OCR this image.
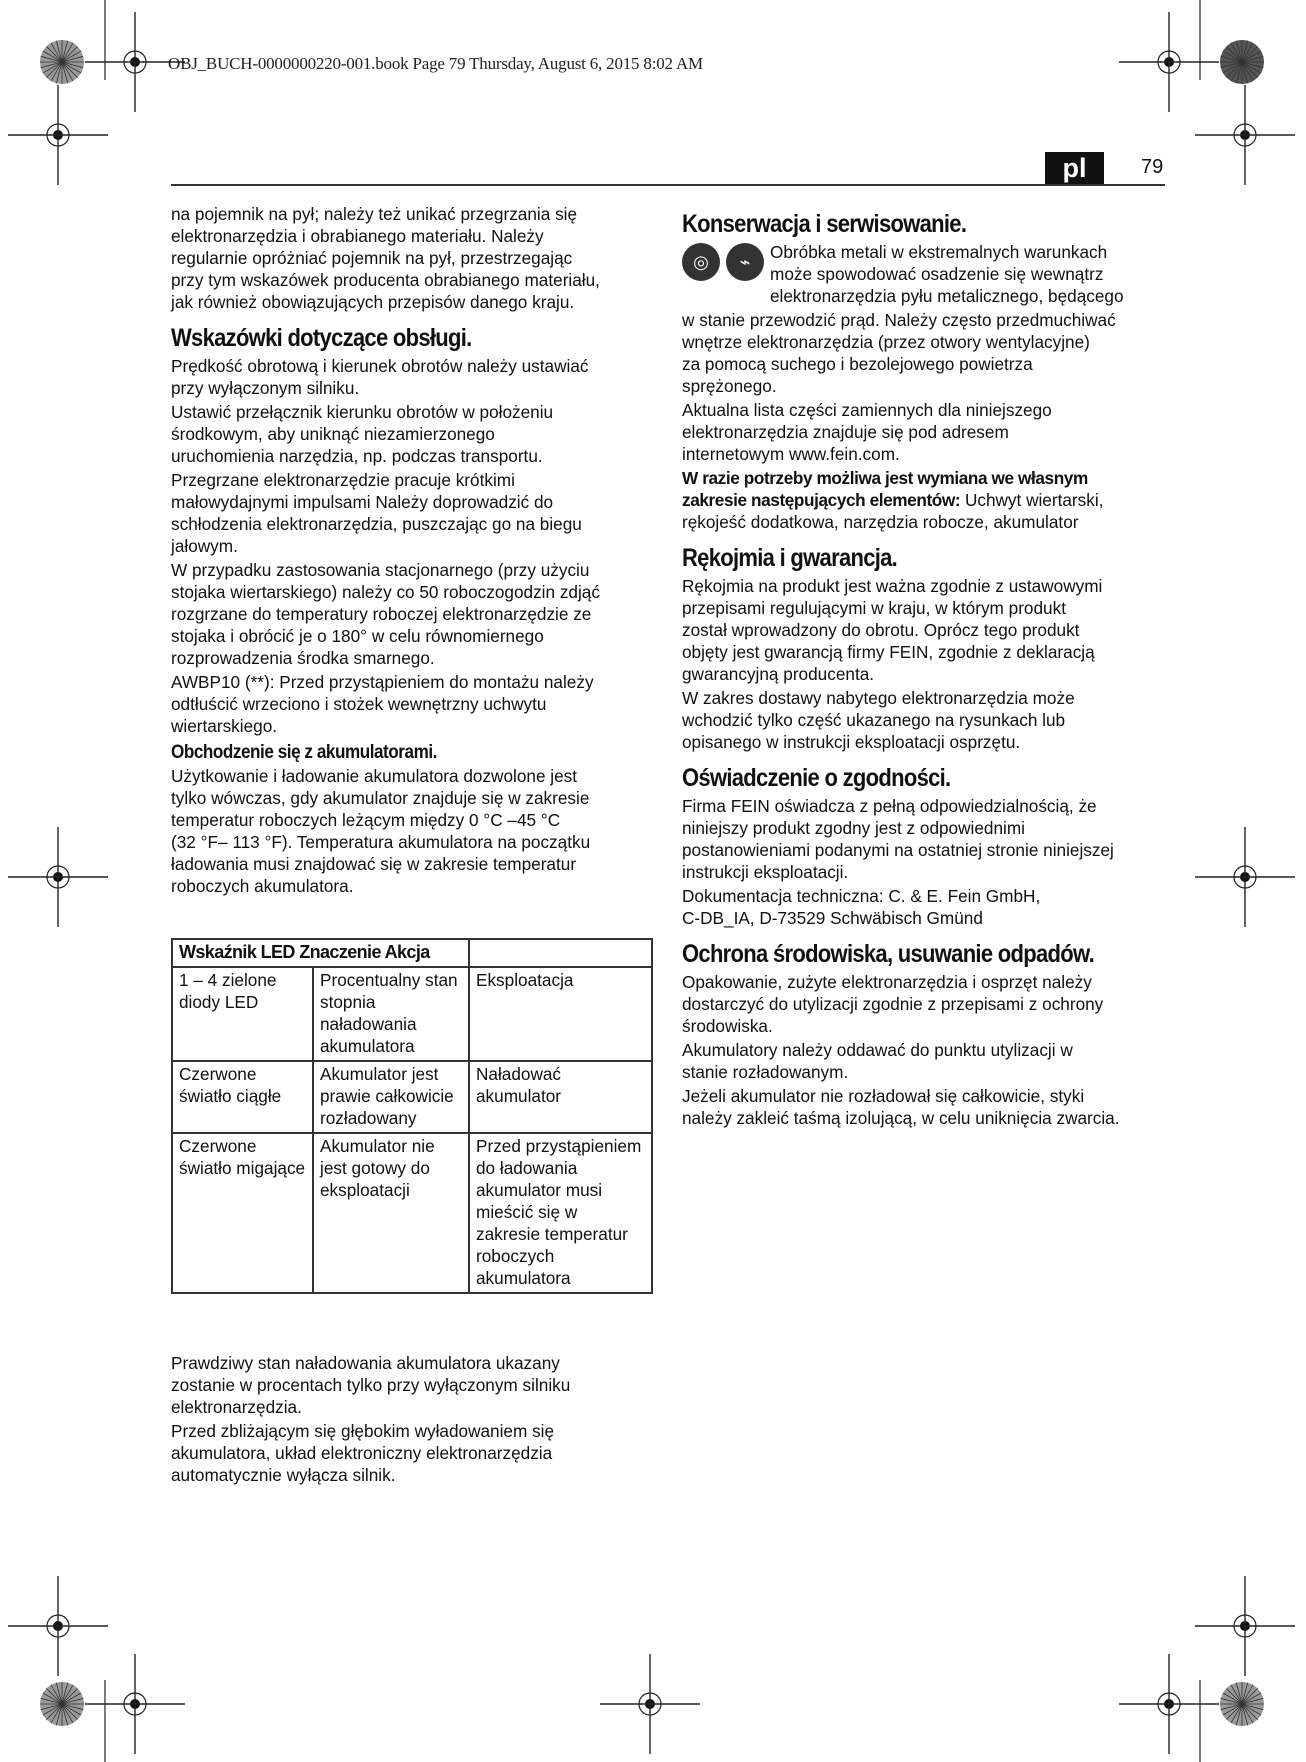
OBJ_BUCH-0000000220-001.book Page 79 Thursday, August 6, 2015 8:02 AM
pl	79

na pojemnik na pył; należy też unikać przegrzania się
elektronarzędzia i obrabianego materiału. Należy
regularnie opróżniać pojemnik na pył, przestrzegając
przy tym wskazówek producenta obrabianego materiału,
jak również obowiązujących przepisów danego kraju.

Wskazówki dotyczące obsługi.

Prędkość obrotową i kierunek obrotów należy ustawiać
przy wyłączonym silniku.

Ustawić przełącznik kierunku obrotów w położeniu
środkowym, aby uniknąć niezamierzonego
uruchomienia narzędzia, np. podczas transportu.

Przegrzane elektronarzędzie pracuje krótkimi
małowydajnymi impulsami Należy doprowadzić do
schłodzenia elektronarzędzia, puszczając go na biegu
jałowym.

W przypadku zastosowania stacjonarnego (przy użyciu
stojaka wiertarskiego) należy co 50 roboczogodzin zdjąć
rozgrzane do temperatury roboczej elektronarzędzie ze
stojaka i obrócić je o 180° w celu równomiernego
rozprowadzenia środka smarnego.

AWBP10 (**): Przed przystąpieniem do montażu należy
odtłuścić wrzeciono i stożek wewnętrzny uchwytu
wiertarskiego.

Obchodzenie się z akumulatorami.

Użytkowanie i ładowanie akumulatora dozwolone jest
tylko wówczas, gdy akumulator znajduje się w zakresie
temperatur roboczych leżącym między 0 °C –45 °C
(32 °F– 113 °F). Temperatura akumulatora na początku
ładowania musi znajdować się w zakresie temperatur
roboczych akumulatora.

Wskaźnik LED Znaczenie Akcja		
1 – 4 zielone diody LED	Procentualny stan stopnia naładowania akumulatora	Eksploatacja
Czerwone światło ciągłe	Akumulator jest prawie całkowicie rozładowany	Naładować akumulator
Czerwone światło migające	Akumulator nie jest gotowy do eksploatacji	Przed przystąpieniem do ładowania akumulator musi mieścić się w zakresie temperatur roboczych akumulatora

Prawdziwy stan naładowania akumulatora ukazany
zostanie w procentach tylko przy wyłączonym silniku
elektronarzędzia.

Przed zbliżającym się głębokim wyładowaniem się
akumulatora, układ elektroniczny elektronarzędzia
automatycznie wyłącza silnik.

Konserwacja i serwisowanie.

◎	⌁	Obróbka metali w ekstremalnych warunkach
może spowodować osadzenie się wewnątrz
elektronarzędzia pyłu metalicznego, będącego

w stanie przewodzić prąd. Należy często przedmuchiwać
wnętrze elektronarzędzia (przez otwory wentylacyjne)
za pomocą suchego i bezolejowego powietrza
sprężonego.

Aktualna lista części zamiennych dla niniejszego
elektronarzędzia znajduje się pod adresem
internetowym www.fein.com.

W razie potrzeby możliwa jest wymiana we własnym
zakresie następujących elementów: Uchwyt wiertarski,
rękojeść dodatkowa, narzędzia robocze, akumulator

Rękojmia i gwarancja.

Rękojmia na produkt jest ważna zgodnie z ustawowymi
przepisami regulującymi w kraju, w którym produkt
został wprowadzony do obrotu. Oprócz tego produkt
objęty jest gwarancją firmy FEIN, zgodnie z deklaracją
gwarancyjną producenta.

W zakres dostawy nabytego elektronarzędzia może
wchodzić tylko część ukazanego na rysunkach lub
opisanego w instrukcji eksploatacji osprzętu.

Oświadczenie o zgodności.

Firma FEIN oświadcza z pełną odpowiedzialnością, że
niniejszy produkt zgodny jest z odpowiednimi
postanowieniami podanymi na ostatniej stronie niniejszej
instrukcji eksploatacji.

Dokumentacja techniczna: C. & E. Fein GmbH,
C-DB_IA, D-73529 Schwäbisch Gmünd

Ochrona środowiska, usuwanie odpadów.

Opakowanie, zużyte elektronarzędzia i osprzęt należy
dostarczyć do utylizacji zgodnie z przepisami z ochrony
środowiska.

Akumulatory należy oddawać do punktu utylizacji w
stanie rozładowanym.

Jeżeli akumulator nie rozładował się całkowicie, styki
należy zakleić taśmą izolującą, w celu uniknięcia zwarcia.
